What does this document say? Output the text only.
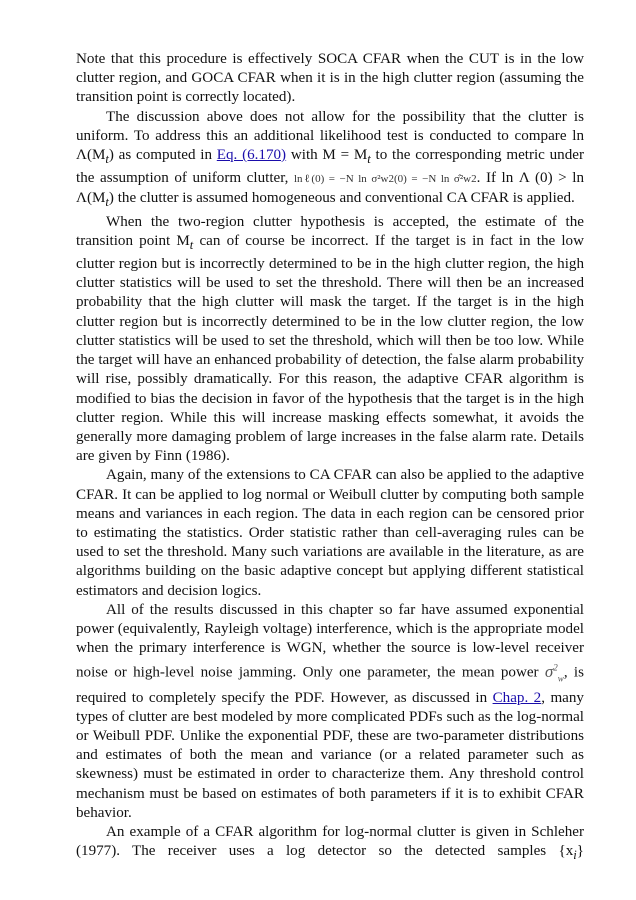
Note that this procedure is effectively SOCA CFAR when the CUT is in the low clutter region, and GOCA CFAR when it is in the high clutter region (assuming the transition point is correctly located).

The discussion above does not allow for the possibility that the clutter is uniform. To address this an additional likelihood test is conducted to compare $\ln \Lambda(M_t)$ as computed in Eq. (6.170) with $M = M_t$ to the corresponding metric under the assumption of uniform clutter, lnℓ(0) = −N ln σ²w2(0) = −N ln σ̂²w2. If ln Λ $(0) > \ln \Lambda(M_t)$ the clutter is assumed homogeneous and conventional CA CFAR is applied.

When the two-region clutter hypothesis is accepted, the estimate of the transition point $M_t$ can of course be incorrect. If the target is in fact in the low clutter region but is incorrectly determined to be in the high clutter region, the high clutter statistics will be used to set the threshold. There will then be an increased probability that the high clutter will mask the target. If the target is in the high clutter region but is incorrectly determined to be in the low clutter region, the low clutter statistics will be used to set the threshold, which will then be too low. While the target will have an enhanced probability of detection, the false alarm probability will rise, possibly dramatically. For this reason, the adaptive CFAR algorithm is modified to bias the decision in favor of the hypothesis that the target is in the high clutter region. While this will increase masking effects somewhat, it avoids the generally more damaging problem of large increases in the false alarm rate. Details are given by Finn (1986).

Again, many of the extensions to CA CFAR can also be applied to the adaptive CFAR. It can be applied to log normal or Weibull clutter by computing both sample means and variances in each region. The data in each region can be censored prior to estimating the statistics. Order statistic rather than cell-averaging rules can be used to set the threshold. Many such variations are available in the literature, as are algorithms building on the basic adaptive concept but applying different statistical estimators and decision logics.

All of the results discussed in this chapter so far have assumed exponential power (equivalently, Rayleigh voltage) interference, which is the appropriate model when the primary interference is WGN, whether the source is low-level receiver noise or high-level noise jamming. Only one parameter, the mean power $\sigma^2_w$, is required to completely specify the PDF. However, as discussed in Chap. 2, many types of clutter are best modeled by more complicated PDFs such as the log-normal or Weibull PDF. Unlike the exponential PDF, these are two-parameter distributions and estimates of both the mean and variance (or a related parameter such as skewness) must be estimated in order to characterize them. Any threshold control mechanism must be based on estimates of both parameters if it is to exhibit CFAR behavior.

An example of a CFAR algorithm for log-normal clutter is given in Schleher (1977). The receiver uses a log detector so the detected samples $\{x_i\}$
